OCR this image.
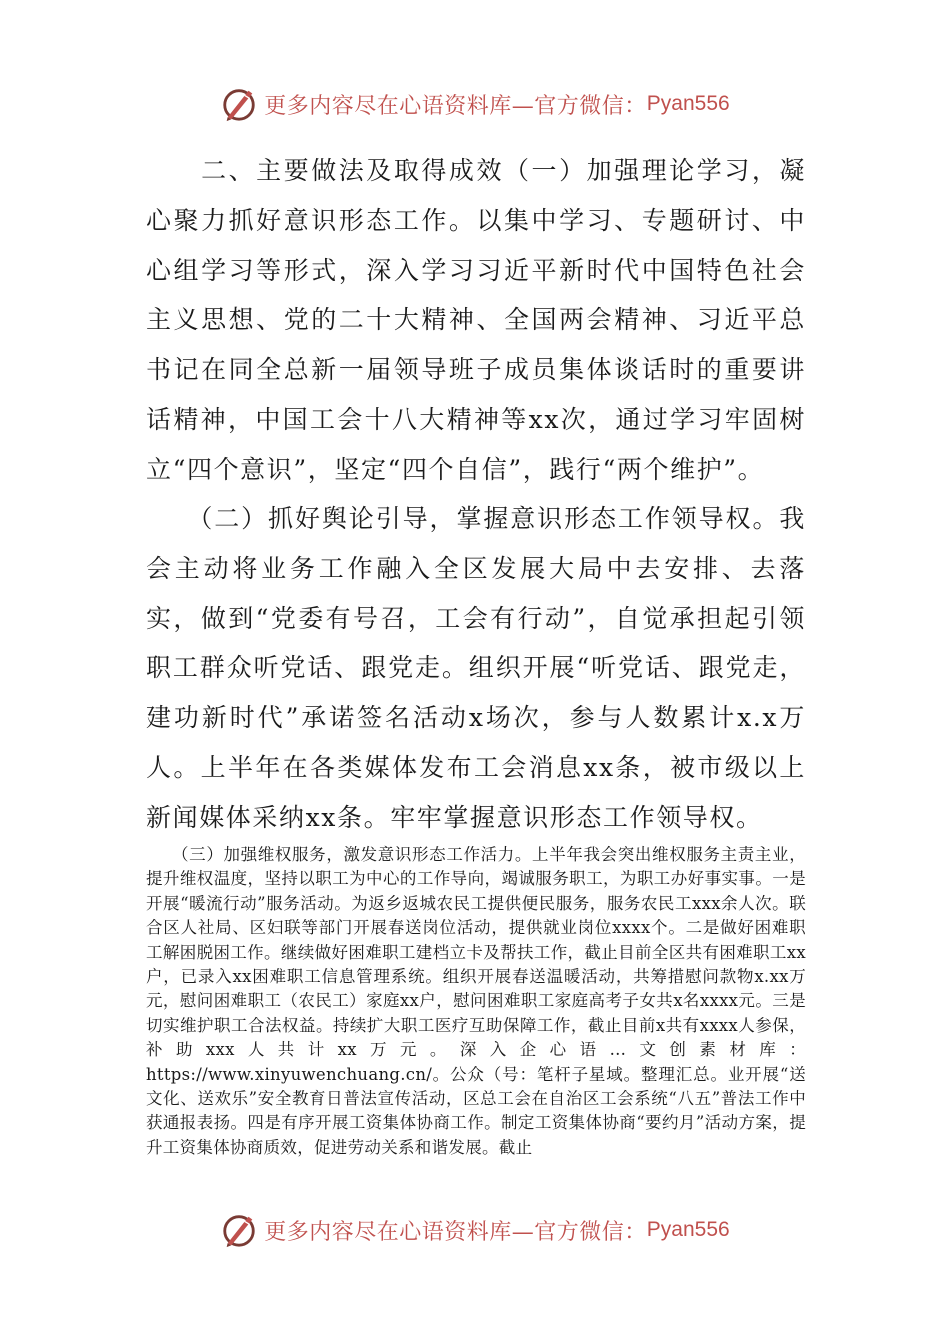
更多内容尽在心语资料库—官方微信： Pyan556

　　二、主要做法及取得成效（一）加强理论学习，凝心聚力抓好意识形态工作。以集中学习、专题研讨、中心组学习等形式，深入学习习近平新时代中国特色社会主义思想、党的二十大精神、全国两会精神、习近平总书记在同全总新一届领导班子成员集体谈话时的重要讲话精神，中国工会十八大精神等xx次，通过学习牢固树立“四个意识”，坚定“四个自信”，践行“两个维护”。

　　（二）抓好舆论引导，掌握意识形态工作领导权。我会主动将业务工作融入全区发展大局中去安排、去落实，做到“党委有号召，工会有行动”，自觉承担起引领职工群众听党话、跟党走。组织开展“听党话、跟党走，建功新时代”承诺签名活动x场次，参与人数累计x.x万人。上半年在各类媒体发布工会消息xx条，被市级以上新闻媒体采纳xx条。牢牢掌握意识形态工作领导权。

　　（三）加强维权服务，激发意识形态工作活力。上半年我会突出维权服务主责主业，提升维权温度，坚持以职工为中心的工作导向，竭诚服务职工，为职工办好事实事。一是开展“暖流行动”服务活动。为返乡返城农民工提供便民服务，服务农民工xxx余人次。联合区人社局、区妇联等部门开展春送岗位活动，提供就业岗位xxxx个。二是做好困难职工解困脱困工作。继续做好困难职工建档立卡及帮扶工作，截止目前全区共有困难职工xx户，已录入xx困难职工信息管理系统。组织开展春送温暖活动，共筹措慰问款物x.xx万元，慰问困难职工（农民工）家庭xx户，慰问困难职工家庭高考子女共x名xxxx元。三是切实维护职工合法权益。持续扩大职工医疗互助保障工作，截止目前x共有xxxx人参保，补助xxx人共计xx万元。深入企心语…文创素材库：https://www.xinyuwenchuang.cn/。公众（号：笔杆子星域。整理汇总。业开展“送文化、送欢乐”安全教育日普法宣传活动，区总工会在自治区工会系统“八五”普法工作中获通报表扬。四是有序开展工资集体协商工作。制定工资集体协商“要约月”活动方案，提升工资集体协商质效，促进劳动关系和谐发展。截止

更多内容尽在心语资料库—官方微信： Pyan556
